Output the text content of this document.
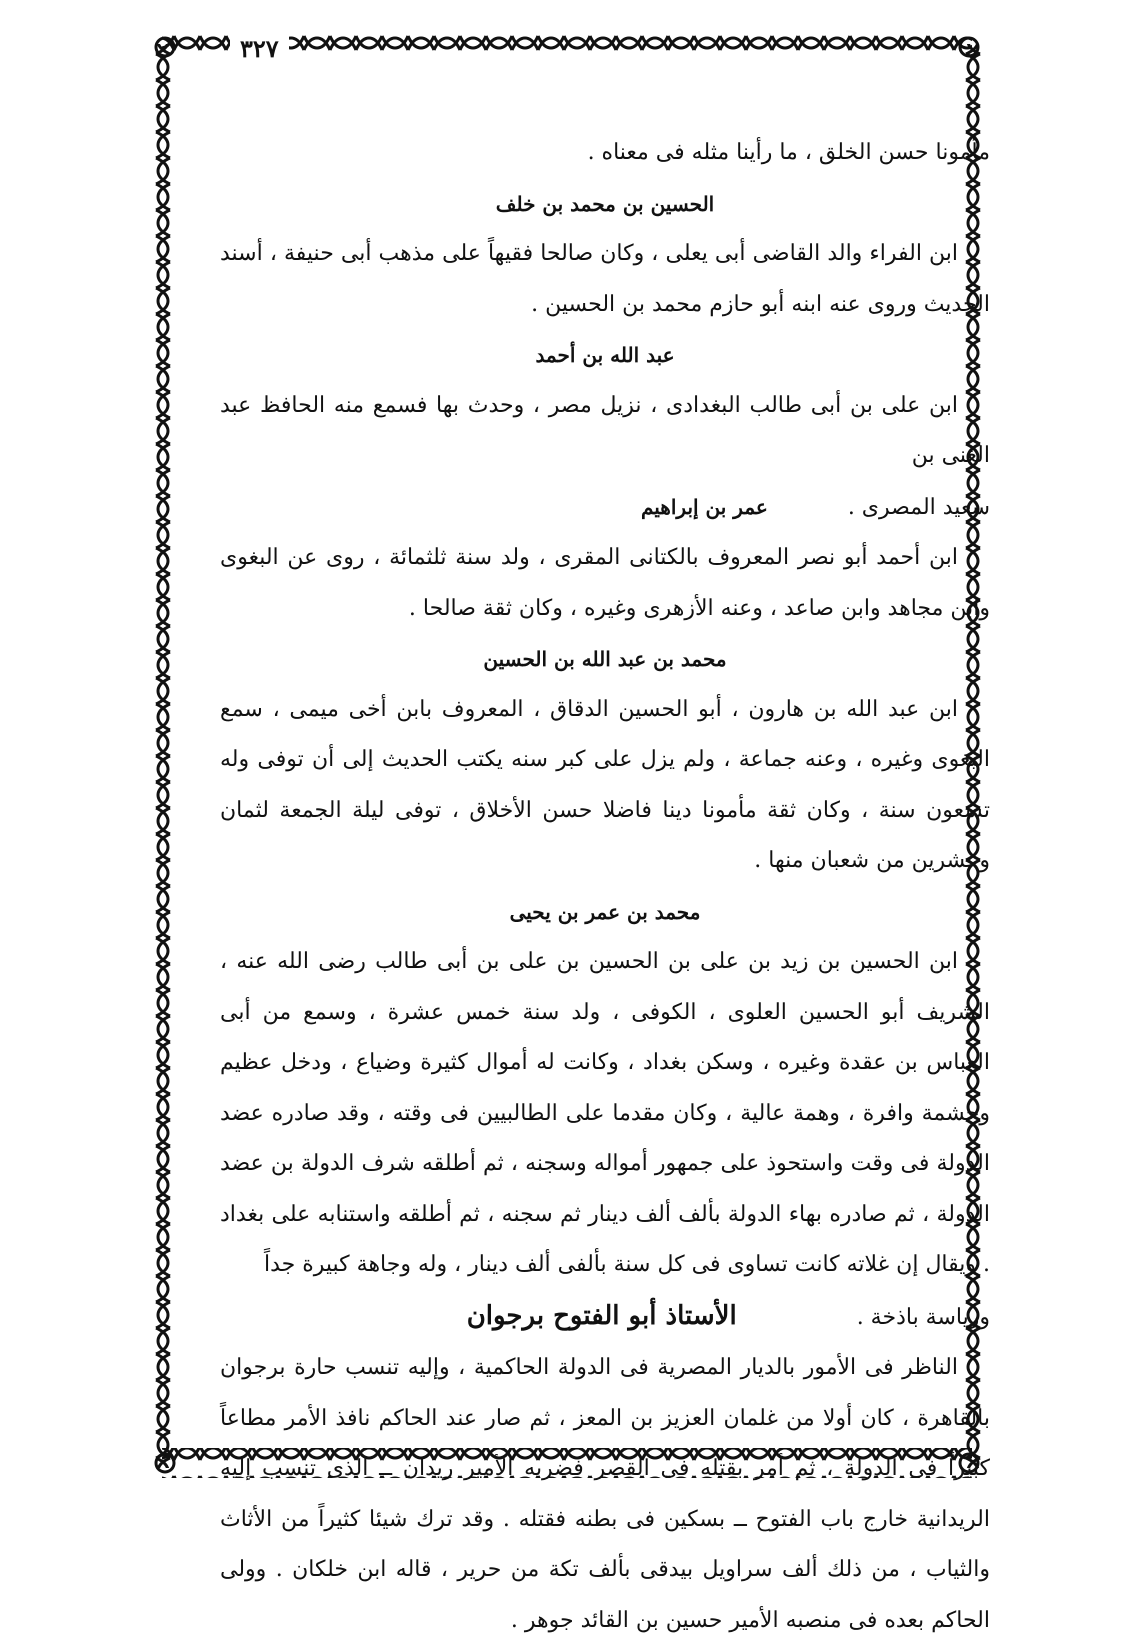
٣٢٧

مأمونا حسن الخلق ، ما رأينا مثله فى معناه .

الحسين بن محمد بن خلف

ابن الفراء والد القاضى أبى يعلى ، وكان صالحا فقيهاً على مذهب أبى حنيفة ، أسند الحديث وروى عنه ابنه أبو حازم محمد بن الحسين .

عبد الله بن أحمد

ابن على بن أبى طالب البغدادى ، نزيل مصر ، وحدث بها فسمع منه الحافظ عبد الغنى بن

سعيد المصرى .عمر بن إبراهيم

ابن أحمد أبو نصر المعروف بالكتانى المقرى ، ولد سنة ثلثمائة ، روى عن البغوى وابن مجاهد وابن صاعد ، وعنه الأزهرى وغيره ، وكان ثقة صالحا .

محمد بن عبد الله بن الحسين

ابن عبد الله بن هارون ، أبو الحسين الدقاق ، المعروف بابن أخى ميمى ، سمع البغوى وغيره ، وعنه جماعة ، ولم يزل على كبر سنه يكتب الحديث إلى أن توفى وله تسعون سنة ، وكان ثقة مأمونا دينا فاضلا حسن الأخلاق ، توفى ليلة الجمعة لثمان وعشرين من شعبان منها .

محمد بن عمر بن يحيى

ابن الحسين بن زيد بن على بن الحسين بن على بن أبى طالب رضى الله عنه ، الشريف أبو الحسين العلوى ، الكوفى ، ولد سنة خمس عشرة ، وسمع من أبى العباس بن عقدة وغيره ، وسكن بغداد ، وكانت له أموال كثيرة وضياع ، ودخل عظيم وحشمة وافرة ، وهمة عالية ، وكان مقدما على الطالبيين فى وقته ، وقد صادره عضد الدولة فى وقت واستحوذ على جمهور أمواله وسجنه ، ثم أطلقه شرف الدولة بن عضد الدولة ، ثم صادره بهاء الدولة بألف ألف دينار ثم سجنه ، ثم أطلقه واستنابه على بغداد . ويقال إن غلاته كانت تساوى فى كل سنة بألفى ألف دينار ، وله وجاهة كبيرة جداً

ورياسة باذخة .الأستاذ أبو الفتوح برجوان

الناظر فى الأمور بالديار المصرية فى الدولة الحاكمية ، وإليه تنسب حارة برجوان بالقاهرة ، كان أولا من غلمان العزيز بن المعز ، ثم صار عند الحاكم نافذ الأمر مطاعاً كبيراً فى الدولة ، ثم أمر بقتله فى القصر فضربه الأمير ريدان ــ الذى تنسب إليه الريدانية خارج باب الفتوح ــ بسكين فى بطنه فقتله . وقد ترك شيئا كثيراً من الأثاث والثياب ، من ذلك ألف سراويل بيدقى بألف تكة من حرير ، قاله ابن خلكان . وولى الحاكم بعده فى منصبه الأمير حسين بن القائد جوهر .
